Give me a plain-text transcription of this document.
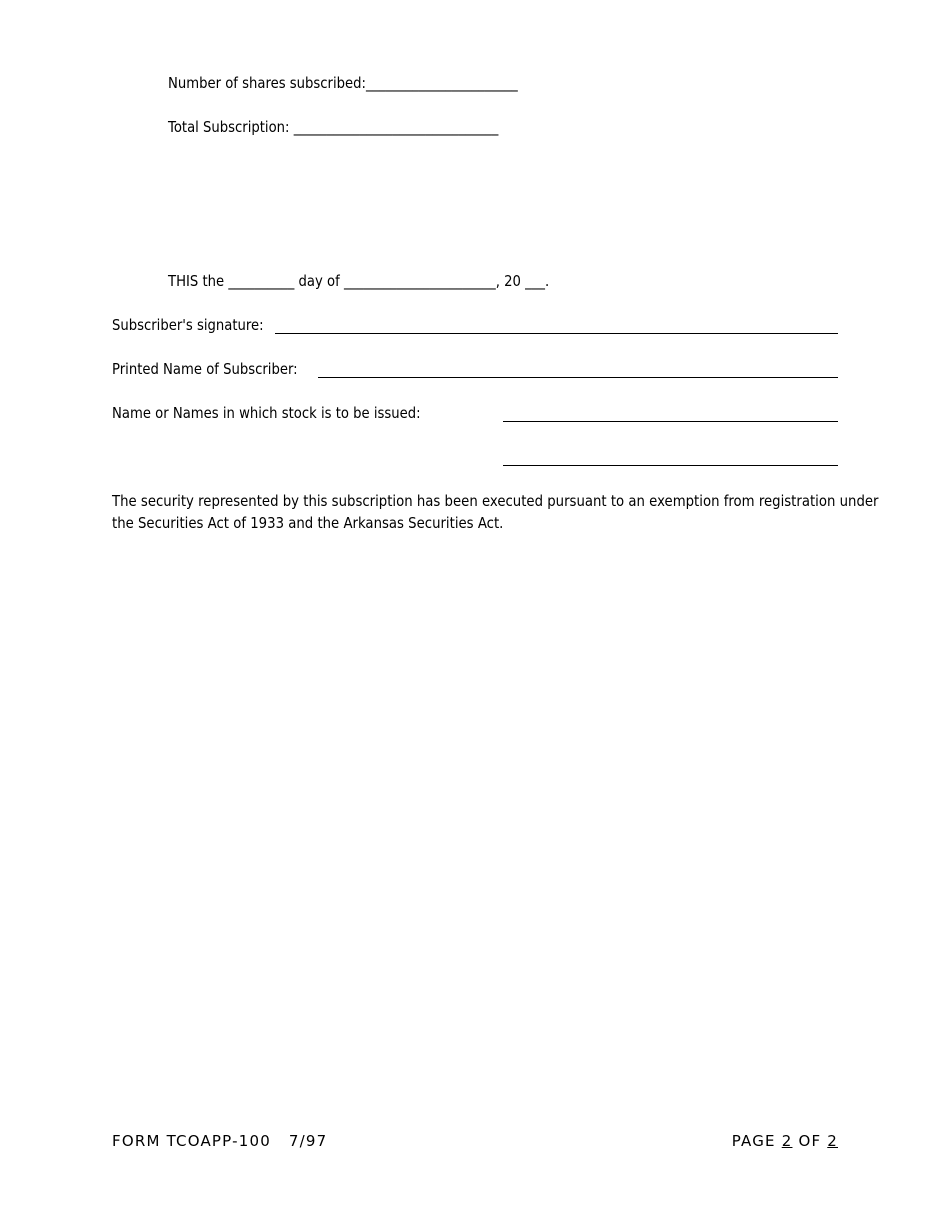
Number of shares subscribed:_______________________
Total Subscription: _______________________________
THIS the __________ day of _______________________, 20 ___.
Subscriber's signature:
Printed Name of Subscriber:
Name or Names in which stock is to be issued:
The security represented by this subscription has been executed pursuant to an exemption from registration under the Securities Act of 1933 and the Arkansas Securities Act.
FORM TCOAPP-100 7/97	PAGE 2 OF 2
